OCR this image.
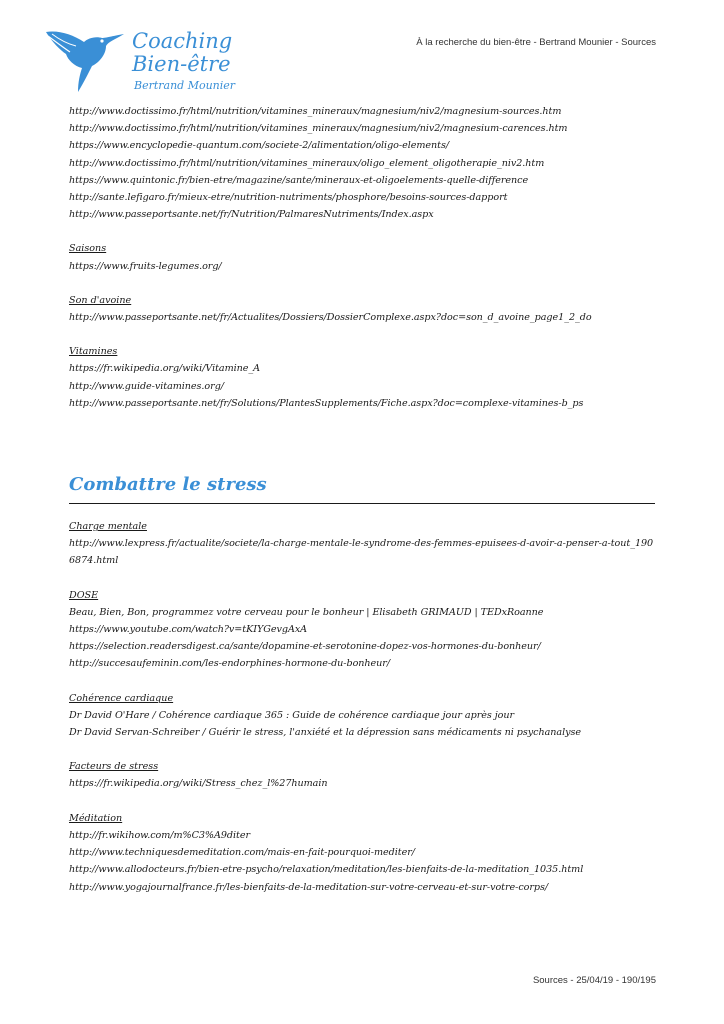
Coaching
Bien-être
Bertrand Mounier
À la recherche du bien-être - Bertrand Mounier - Sources
http://www.doctissimo.fr/html/nutrition/vitamines_mineraux/magnesium/niv2/magnesium-sources.htm
http://www.doctissimo.fr/html/nutrition/vitamines_mineraux/magnesium/niv2/magnesium-carences.htm
https://www.encyclopedie-quantum.com/societe-2/alimentation/oligo-elements/
http://www.doctissimo.fr/html/nutrition/vitamines_mineraux/oligo_element_oligotherapie_niv2.htm
https://www.quintonic.fr/bien-etre/magazine/sante/mineraux-et-oligoelements-quelle-difference
http://sante.lefigaro.fr/mieux-etre/nutrition-nutriments/phosphore/besoins-sources-dapport
http://www.passeportsante.net/fr/Nutrition/PalmaresNutriments/Index.aspx
Saisons
https://www.fruits-legumes.org/
Son d'avoine
http://www.passeportsante.net/fr/Actualites/Dossiers/DossierComplexe.aspx?doc=son_d_avoine_page1_2_do
Vitamines
https://fr.wikipedia.org/wiki/Vitamine_A
http://www.guide-vitamines.org/
http://www.passeportsante.net/fr/Solutions/PlantesSupplements/Fiche.aspx?doc=complexe-vitamines-b_ps
Combattre le stress
Charge mentale
http://www.lexpress.fr/actualite/societe/la-charge-mentale-le-syndrome-des-femmes-epuisees-d-avoir-a-penser-a-tout_1906874.html
DOSE
Beau, Bien, Bon, programmez votre cerveau pour le bonheur | Elisabeth GRIMAUD | TEDxRoanne
https://www.youtube.com/watch?v=tKIYGevgAxA
https://selection.readersdigest.ca/sante/dopamine-et-serotonine-dopez-vos-hormones-du-bonheur/
http://succesaufeminin.com/les-endorphines-hormone-du-bonheur/
Cohérence cardiaque
Dr David O'Hare / Cohérence cardiaque 365 : Guide de cohérence cardiaque jour après jour
Dr David Servan-Schreiber / Guérir le stress, l'anxiété et la dépression sans médicaments ni psychanalyse
Facteurs de stress
https://fr.wikipedia.org/wiki/Stress_chez_l%27humain
Méditation
http://fr.wikihow.com/m%C3%A9diter
http://www.techniquesdemeditation.com/mais-en-fait-pourquoi-mediter/
http://www.allodocteurs.fr/bien-etre-psycho/relaxation/meditation/les-bienfaits-de-la-meditation_1035.html
http://www.yogajournalfrance.fr/les-bienfaits-de-la-meditation-sur-votre-cerveau-et-sur-votre-corps/
Sources - 25/04/19 - 190/195
